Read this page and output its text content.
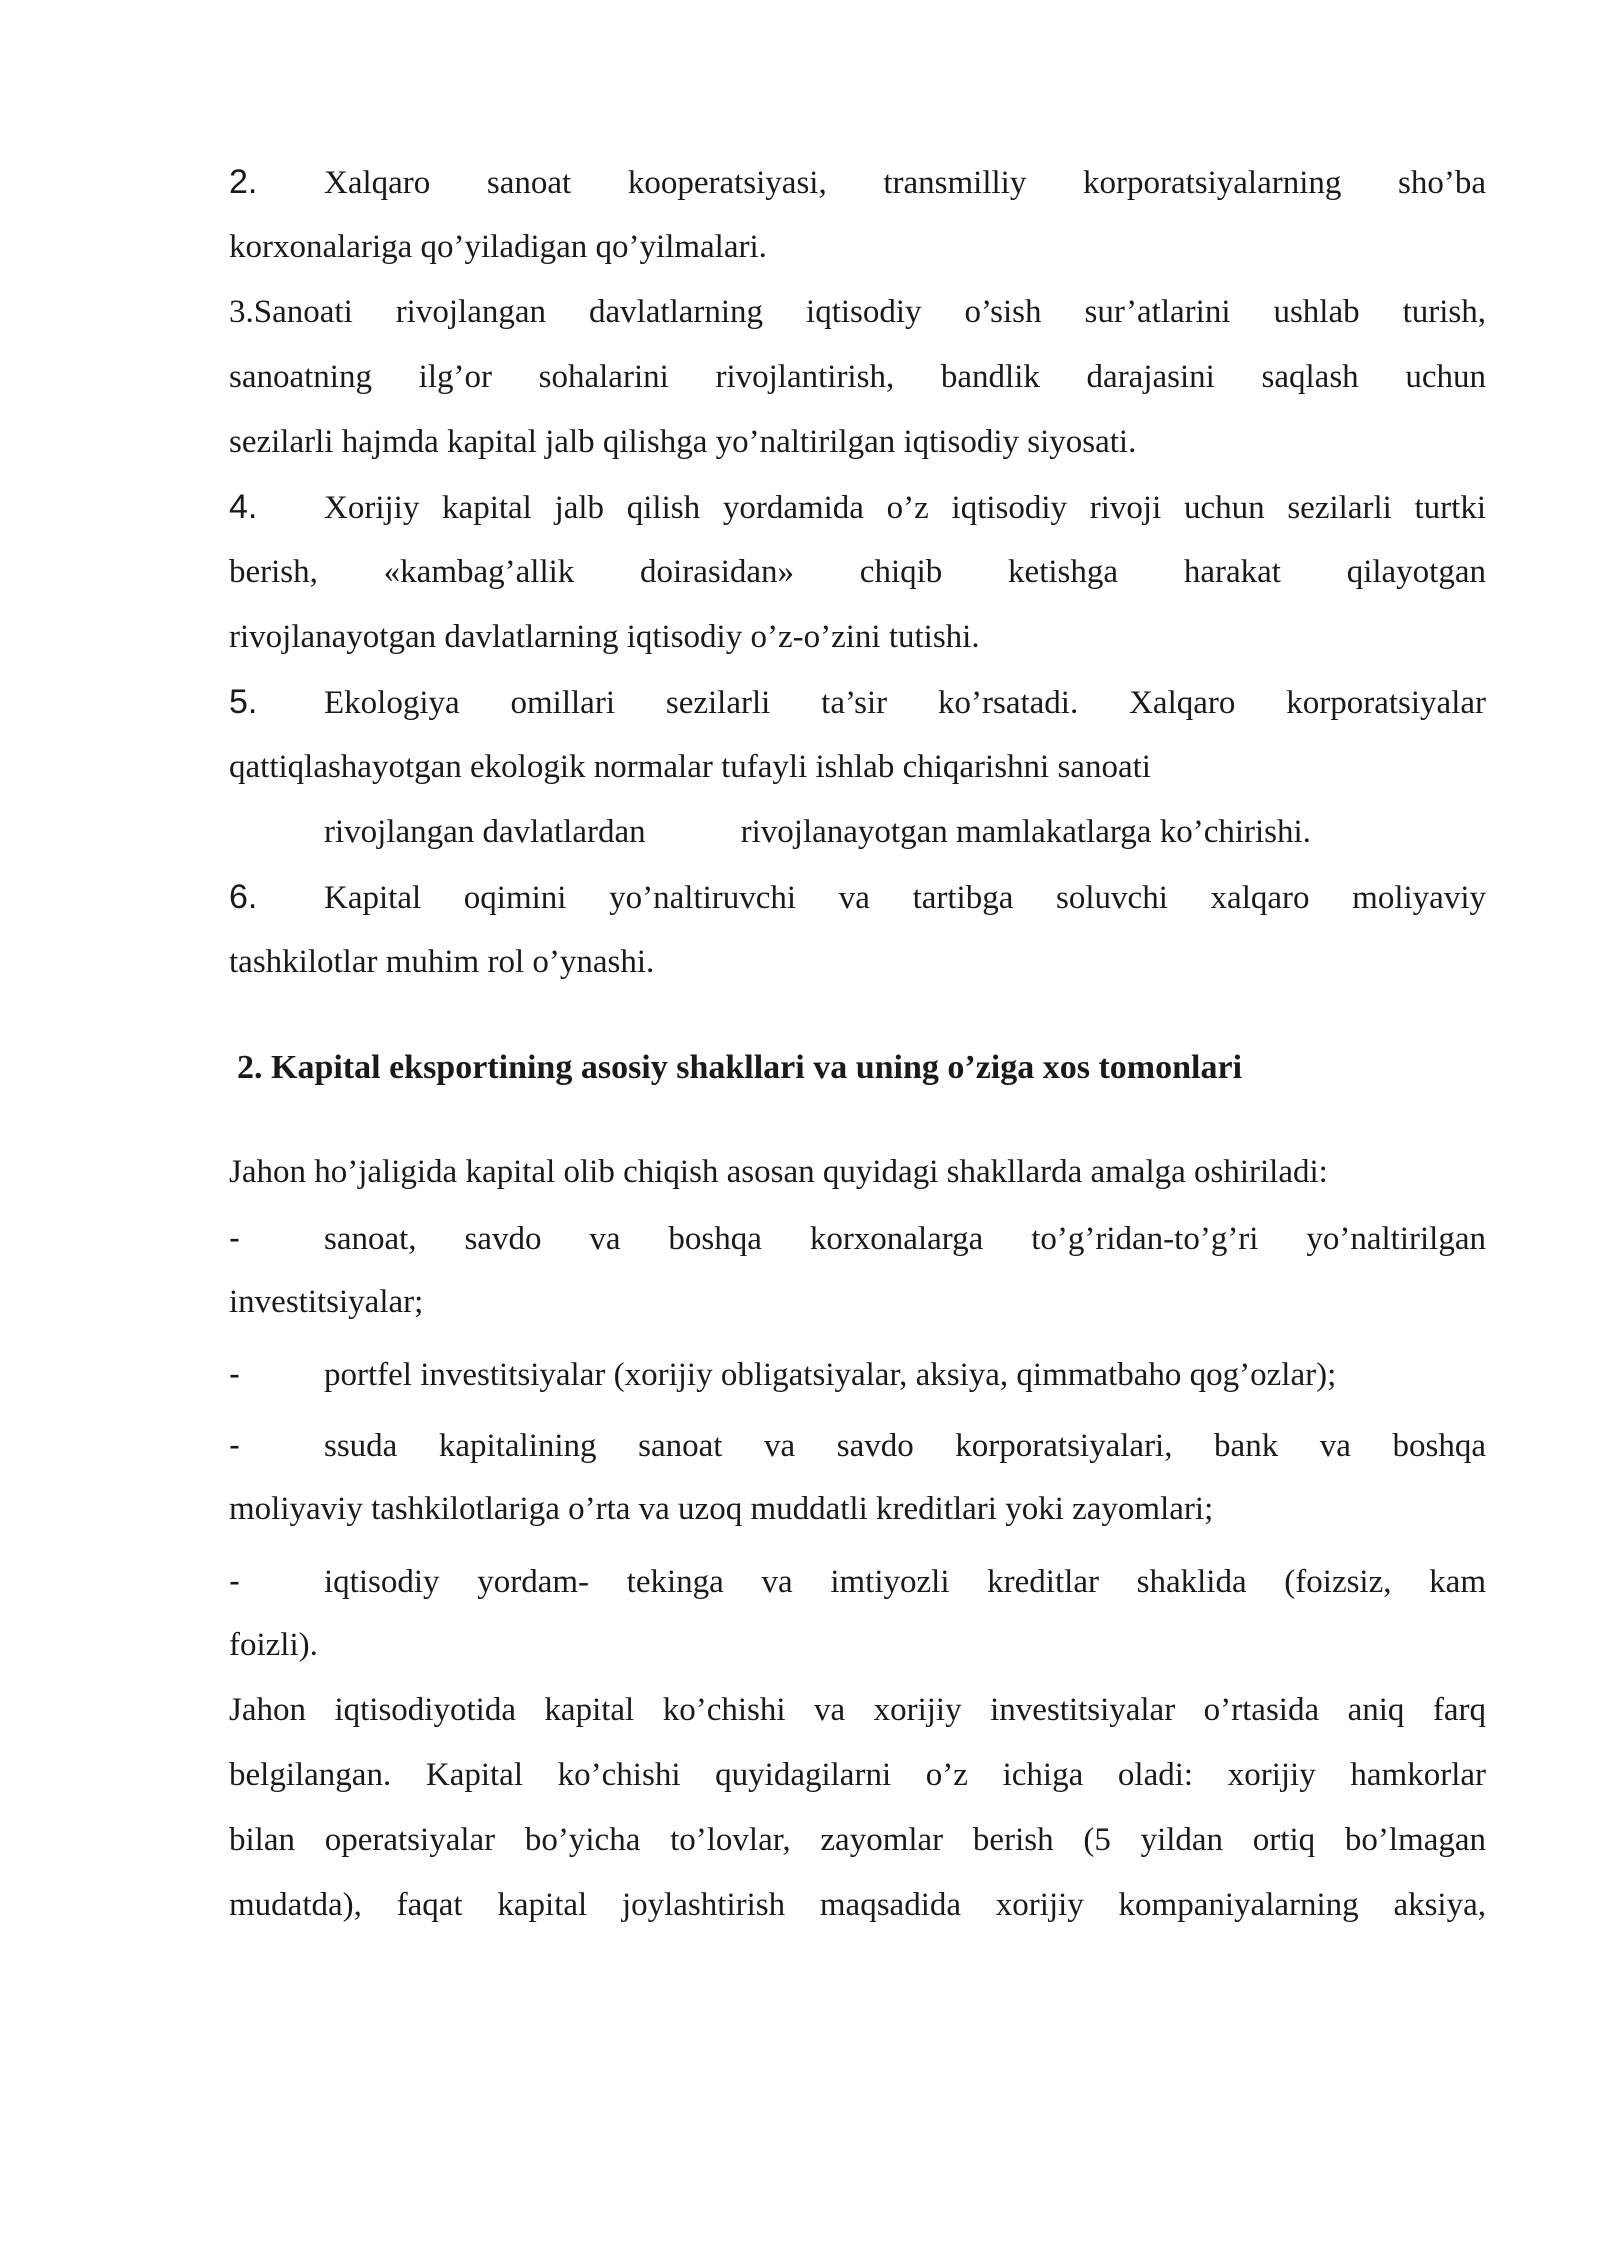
2. Xalqaro sanoat kooperatsiyasi, transmilliy korporatsiyalarning sho’ba
korxonalariga qo’yiladigan qo’yilmalari.
3.Sanoati rivojlangan davlatlarning iqtisodiy o’sish sur’atlarini ushlab turish,
sanoatning ilg’or sohalarini rivojlantirish, bandlik darajasini saqlash uchun
sezilarli hajmda kapital jalb qilishga yo’naltirilgan iqtisodiy siyosati.
4. Xorijiy kapital jalb qilish yordamida o’z iqtisodiy rivoji uchun sezilarli turtki
berish, «kambag’allik doirasidan» chiqib ketishga harakat qilayotgan
rivojlanayotgan davlatlarning iqtisodiy o’z-o’zini tutishi.
5. Ekologiya omillari sezilarli ta’sir ko’rsatadi. Xalqaro korporatsiyalar
qattiqlashayotgan ekologik normalar tufayli ishlab chiqarishni sanoati
rivojlangan davlatlardan	rivojlanayotgan mamlakatlarga ko’chirishi.
6. Kapital oqimini yo’naltiruvchi va tartibga soluvchi xalqaro moliyaviy
tashkilotlar muhim rol o’ynashi.
2. Kapital eksportining asosiy shakllari va uning o’ziga xos tomonlari
Jahon ho’jaligida kapital olib chiqish asosan quyidagi shakllarda amalga oshiriladi:
-	sanoat, savdo va boshqa korxonalarga to’g’ridan-to’g’ri yo’naltirilgan
investitsiyalar;
-	portfel investitsiyalar (xorijiy obligatsiyalar, aksiya, qimmatbaho qog’ozlar);
-	ssuda kapitalining sanoat va savdo korporatsiyalari, bank va boshqa
moliyaviy tashkilotlariga o’rta va uzoq muddatli kreditlari yoki zayomlari;
-	iqtisodiy yordam- tekinga va imtiyozli kreditlar shaklida (foizsiz, kam
foizli).
Jahon iqtisodiyotida kapital ko’chishi va xorijiy investitsiyalar o’rtasida aniq farq
belgilangan. Kapital ko’chishi quyidagilarni o’z ichiga oladi: xorijiy hamkorlar
bilan operatsiyalar bo’yicha to’lovlar, zayomlar berish (5 yildan ortiq bo’lmagan
mudatda), faqat kapital joylashtirish maqsadida xorijiy kompaniyalarning aksiya,
